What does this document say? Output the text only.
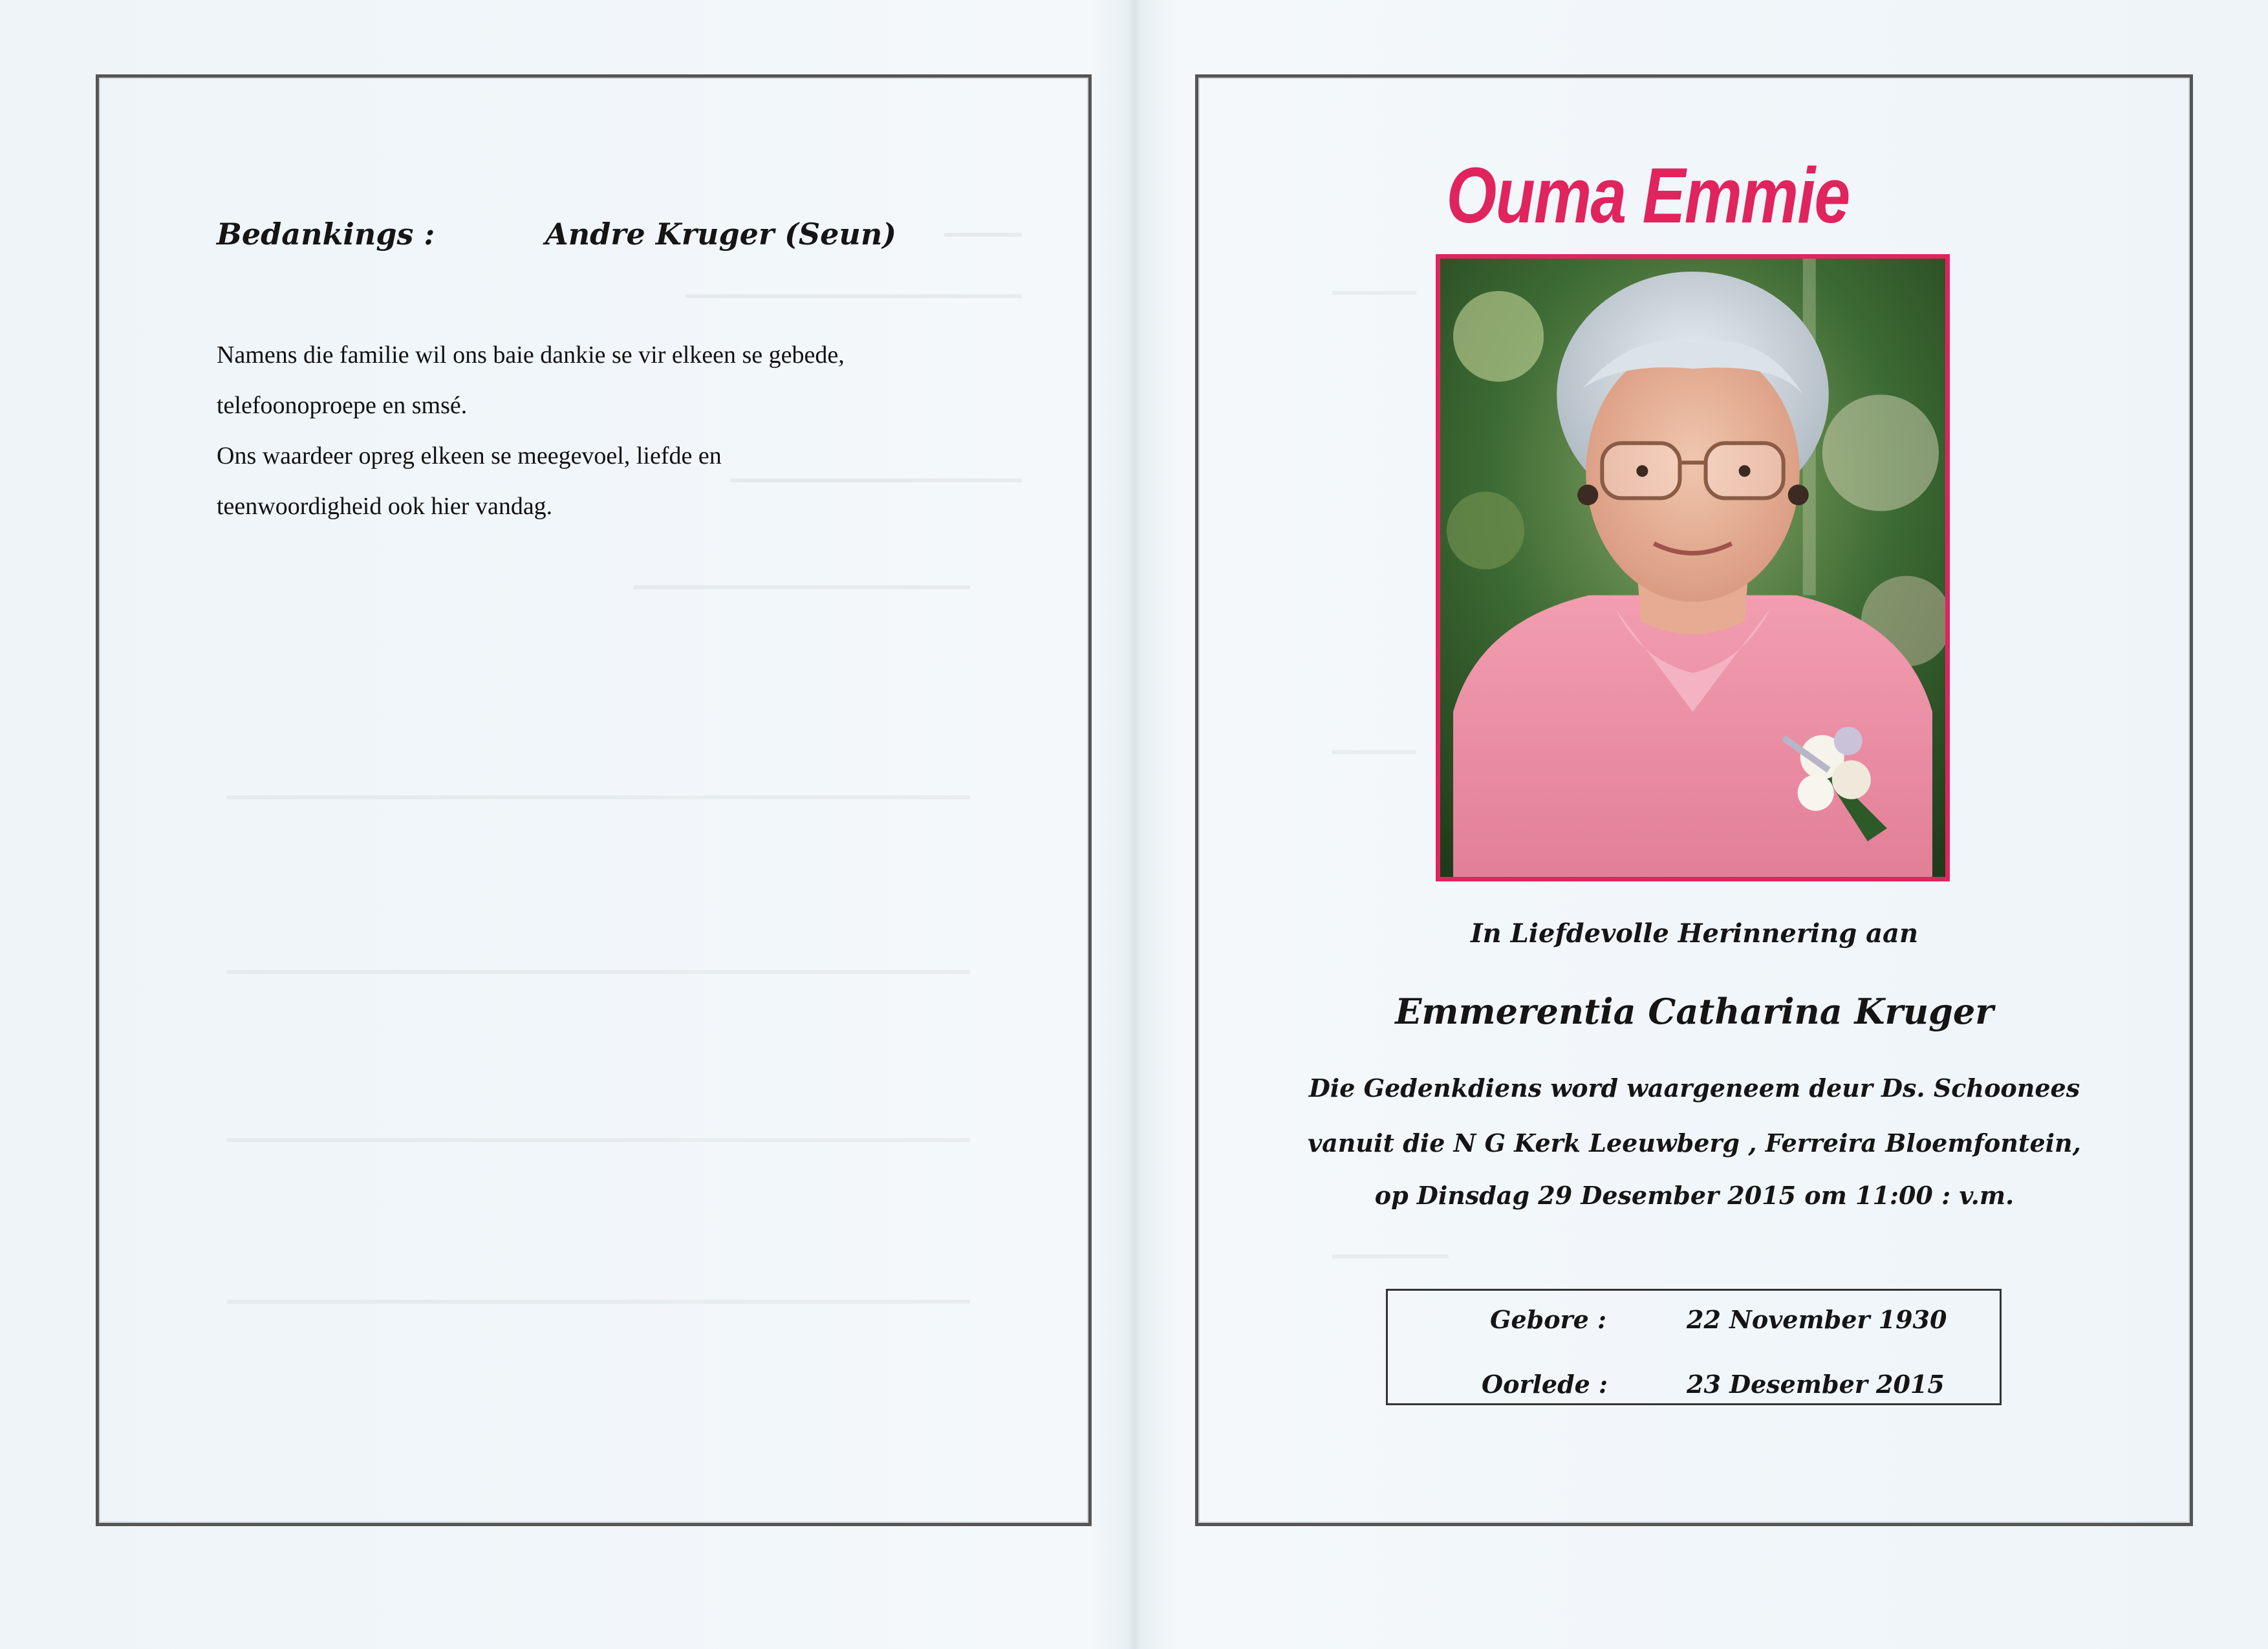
Bedankings :	Andre Kruger (Seun)

Namens die familie wil ons baie dankie se vir elkeen se gebede,

telefoonoproepe en smsé.

Ons waardeer opreg elkeen se meegevoel, liefde en

teenwoordigheid ook hier vandag.

Ouma Emmie
In Liefdevolle Herinnering aan
Emmerentia Catharina Kruger
Die Gedenkdiens word waargeneem deur Ds. Schoonees
vanuit die N G Kerk Leeuwberg , Ferreira Bloemfontein,
op Dinsdag 29 Desember 2015 om 11:00 : v.m.
Gebore :	22 November 1930
Oorlede :	23 Desember 2015
